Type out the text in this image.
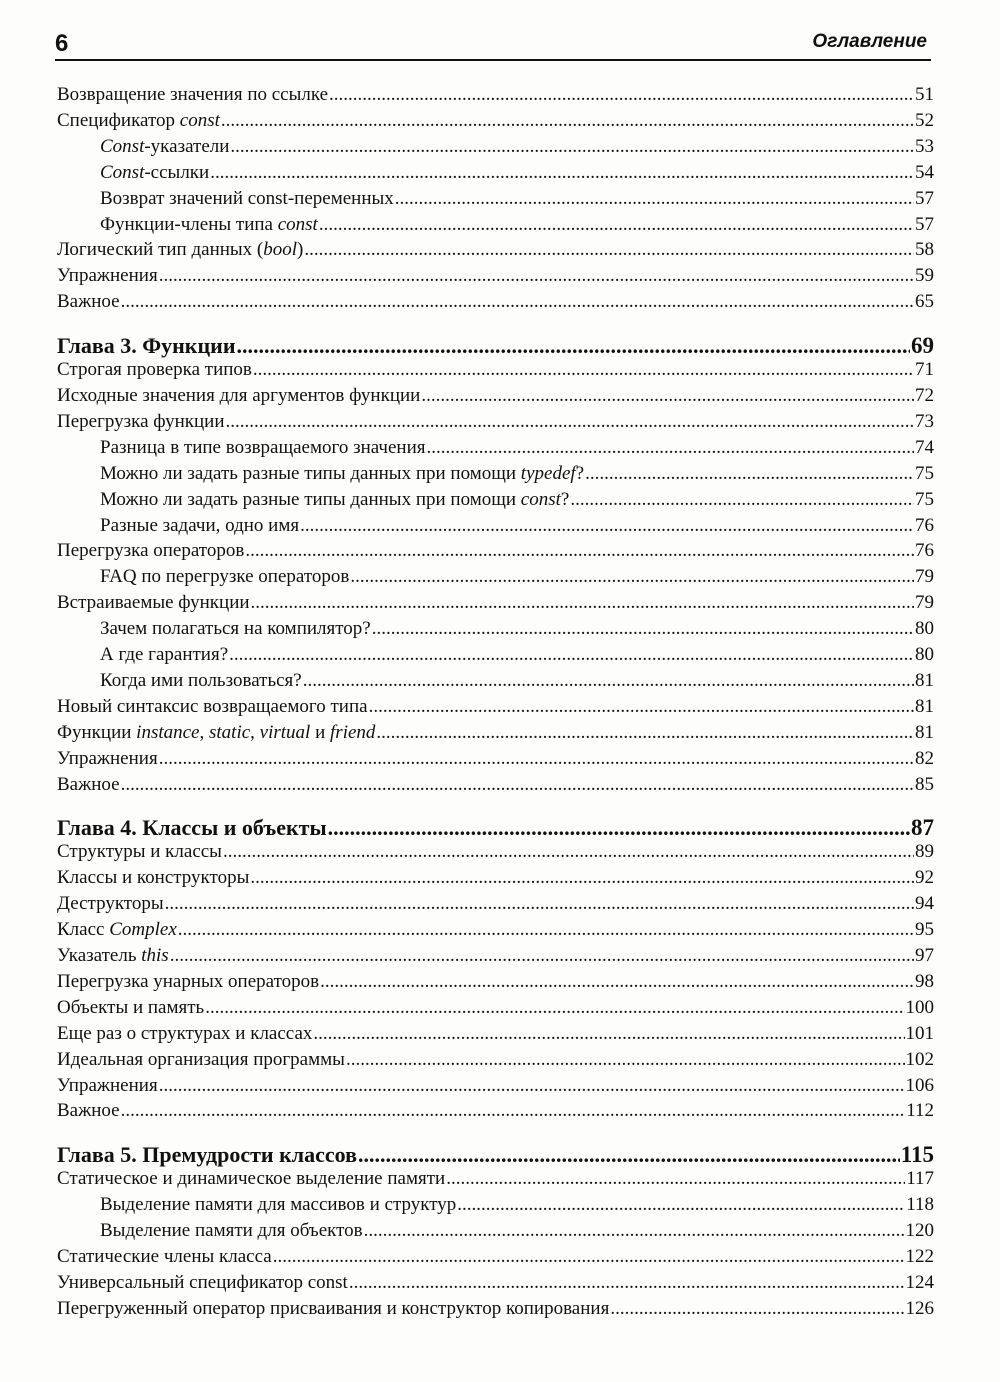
6	Оглавление
Возвращение значения по ссылке .....	51
Спецификатор const .....	52
Const-указатели .....	53
Const-ссылки .....	54
Возврат значений const-переменных .....	57
Функции-члены типа const .....	57
Логический тип данных (bool) .....	58
Упражнения .....	59
Важное .....	65
Глава 3. Функции .....	69
Строгая проверка типов .....	71
Исходные значения для аргументов функции .....	72
Перегрузка функции .....	73
Разница в типе возвращаемого значения .....	74
Можно ли задать разные типы данных при помощи typedef? .....	75
Можно ли задать разные типы данных при помощи const? .....	75
Разные задачи, одно имя .....	76
Перегрузка операторов .....	76
FAQ по перегрузке операторов .....	79
Встраиваемые функции .....	79
Зачем полагаться на компилятор? .....	80
А где гарантия? .....	80
Когда ими пользоваться? .....	81
Новый синтаксис возвращаемого типа .....	81
Функции instance, static, virtual и friend .....	81
Упражнения .....	82
Важное .....	85
Глава 4. Классы и объекты .....	87
Структуры и классы .....	89
Классы и конструкторы .....	92
Деструкторы .....	94
Класс Complex .....	95
Указатель this .....	97
Перегрузка унарных операторов .....	98
Объекты и память .....	100
Еще раз о структурах и классах .....	101
Идеальная организация программы .....	102
Упражнения .....	106
Важное .....	112
Глава 5. Премудрости классов .....	115
Статическое и динамическое выделение памяти .....	117
Выделение памяти для массивов и структур .....	118
Выделение памяти для объектов .....	120
Статические члены класса .....	122
Универсальный спецификатор const .....	124
Перегруженный оператор присваивания и конструктор копирования .....	126
